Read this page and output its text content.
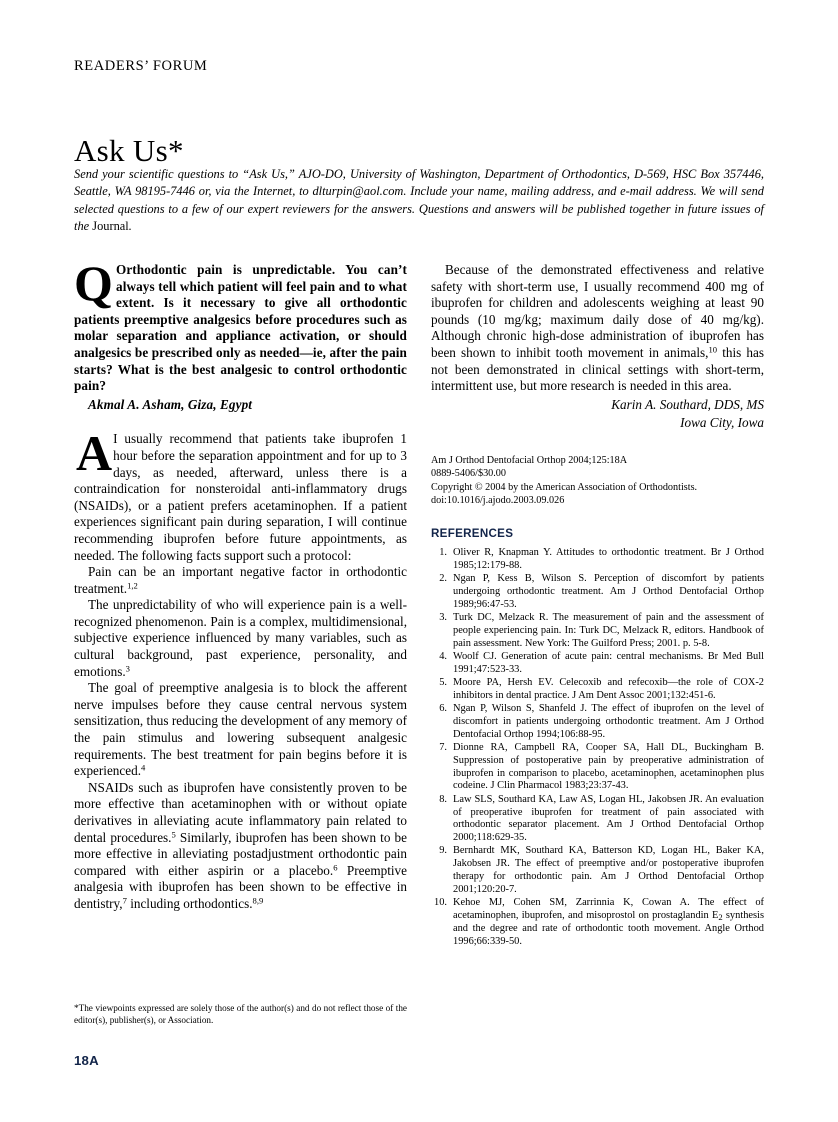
READERS’ FORUM
Ask Us*
Send your scientific questions to “Ask Us,” AJO-DO, University of Washington, Department of Orthodontics, D-569, HSC Box 357446, Seattle, WA 98195-7446 or, via the Internet, to dlturpin@aol.com. Include your name, mailing address, and e-mail address. We will send selected questions to a few of our expert reviewers for the answers. Questions and answers will be published together in future issues of the Journal.

Q Orthodontic pain is unpredictable. You can’t always tell which patient will feel pain and to what extent. Is it necessary to give all orthodontic patients preemptive analgesics before procedures such as molar separation and appliance activation, or should analgesics be prescribed only as needed—ie, after the pain starts? What is the best analgesic to control orthodontic pain?

Akmal A. Asham, Giza, Egypt

A I usually recommend that patients take ibuprofen 1 hour before the separation appointment and for up to 3 days, as needed, afterward, unless there is a contraindication for nonsteroidal anti-inflammatory drugs (NSAIDs), or a patient prefers acetaminophen. If a patient experiences significant pain during separation, I will continue recommending ibuprofen before future appointments, as needed. The following facts support such a protocol:

Pain can be an important negative factor in orthodontic treatment.$^{1,2}$

The unpredictability of who will experience pain is a well-recognized phenomenon. Pain is a complex, multidimensional, subjective experience influenced by many variables, such as cultural background, past experience, personality, and emotions.$^3$

The goal of preemptive analgesia is to block the afferent nerve impulses before they cause central nervous system sensitization, thus reducing the development of any memory of the pain stimulus and lowering subsequent analgesic requirements. The best treatment for pain begins before it is experienced.$^4$

NSAIDs such as ibuprofen have consistently proven to be more effective than acetaminophen with or without opiate derivatives in alleviating acute inflammatory pain related to dental procedures.$^5$ Similarly, ibuprofen has been shown to be more effective in alleviating postadjustment orthodontic pain compared with either aspirin or a placebo.$^6$ Preemptive analgesia with ibuprofen has been shown to be effective in dentistry,$^7$ including orthodontics.$^{8,9}$

Because of the demonstrated effectiveness and relative safety with short-term use, I usually recommend 400 mg of ibuprofen for children and adolescents weighing at least 90 pounds (10 mg/kg; maximum daily dose of 40 mg/kg). Although chronic high-dose administration of ibuprofen has been shown to inhibit tooth movement in animals,$^{10}$ this has not been demonstrated in clinical settings with short-term, intermittent use, but more research is needed in this area.

Karin A. Southard, DDS, MS

Iowa City, Iowa

Am J Orthod Dentofacial Orthop 2004;125:18A
0889-5406/$30.00
Copyright © 2004 by the American Association of Orthodontists.
doi:10.1016/j.ajodo.2003.09.026
REFERENCES
Oliver R, Knapman Y. Attitudes to orthodontic treatment. Br J Orthod 1985;12:179-88.
Ngan P, Kess B, Wilson S. Perception of discomfort by patients undergoing orthodontic treatment. Am J Orthod Dentofacial Orthop 1989;96:47-53.
Turk DC, Melzack R. The measurement of pain and the assessment of people experiencing pain. In: Turk DC, Melzack R, editors. Handbook of pain assessment. New York: The Guilford Press; 2001. p. 5-8.
Woolf CJ. Generation of acute pain: central mechanisms. Br Med Bull 1991;47:523-33.
Moore PA, Hersh EV. Celecoxib and refecoxib—the role of COX-2 inhibitors in dental practice. J Am Dent Assoc 2001;132:451-6.
Ngan P, Wilson S, Shanfeld J. The effect of ibuprofen on the level of discomfort in patients undergoing orthodontic treatment. Am J Orthod Dentofacial Orthop 1994;106:88-95.
Dionne RA, Campbell RA, Cooper SA, Hall DL, Buckingham B. Suppression of postoperative pain by preoperative administration of ibuprofen in comparison to placebo, acetaminophen, acetaminophen plus codeine. J Clin Pharmacol 1983;23:37-43.
Law SLS, Southard KA, Law AS, Logan HL, Jakobsen JR. An evaluation of preoperative ibuprofen for treatment of pain associated with orthodontic separator placement. Am J Orthod Dentofacial Orthop 2000;118:629-35.
Bernhardt MK, Southard KA, Batterson KD, Logan HL, Baker KA, Jakobsen JR. The effect of preemptive and/or postoperative ibuprofen therapy for orthodontic pain. Am J Orthod Dentofacial Orthop 2001;120:20-7.
Kehoe MJ, Cohen SM, Zarrinnia K, Cowan A. The effect of acetaminophen, ibuprofen, and misoprostol on prostaglandin $E_2$ synthesis and the degree and rate of orthodontic tooth movement. Angle Orthod 1996;66:339-50.
*The viewpoints expressed are solely those of the author(s) and do not reflect those of the editor(s), publisher(s), or Association.
18A
